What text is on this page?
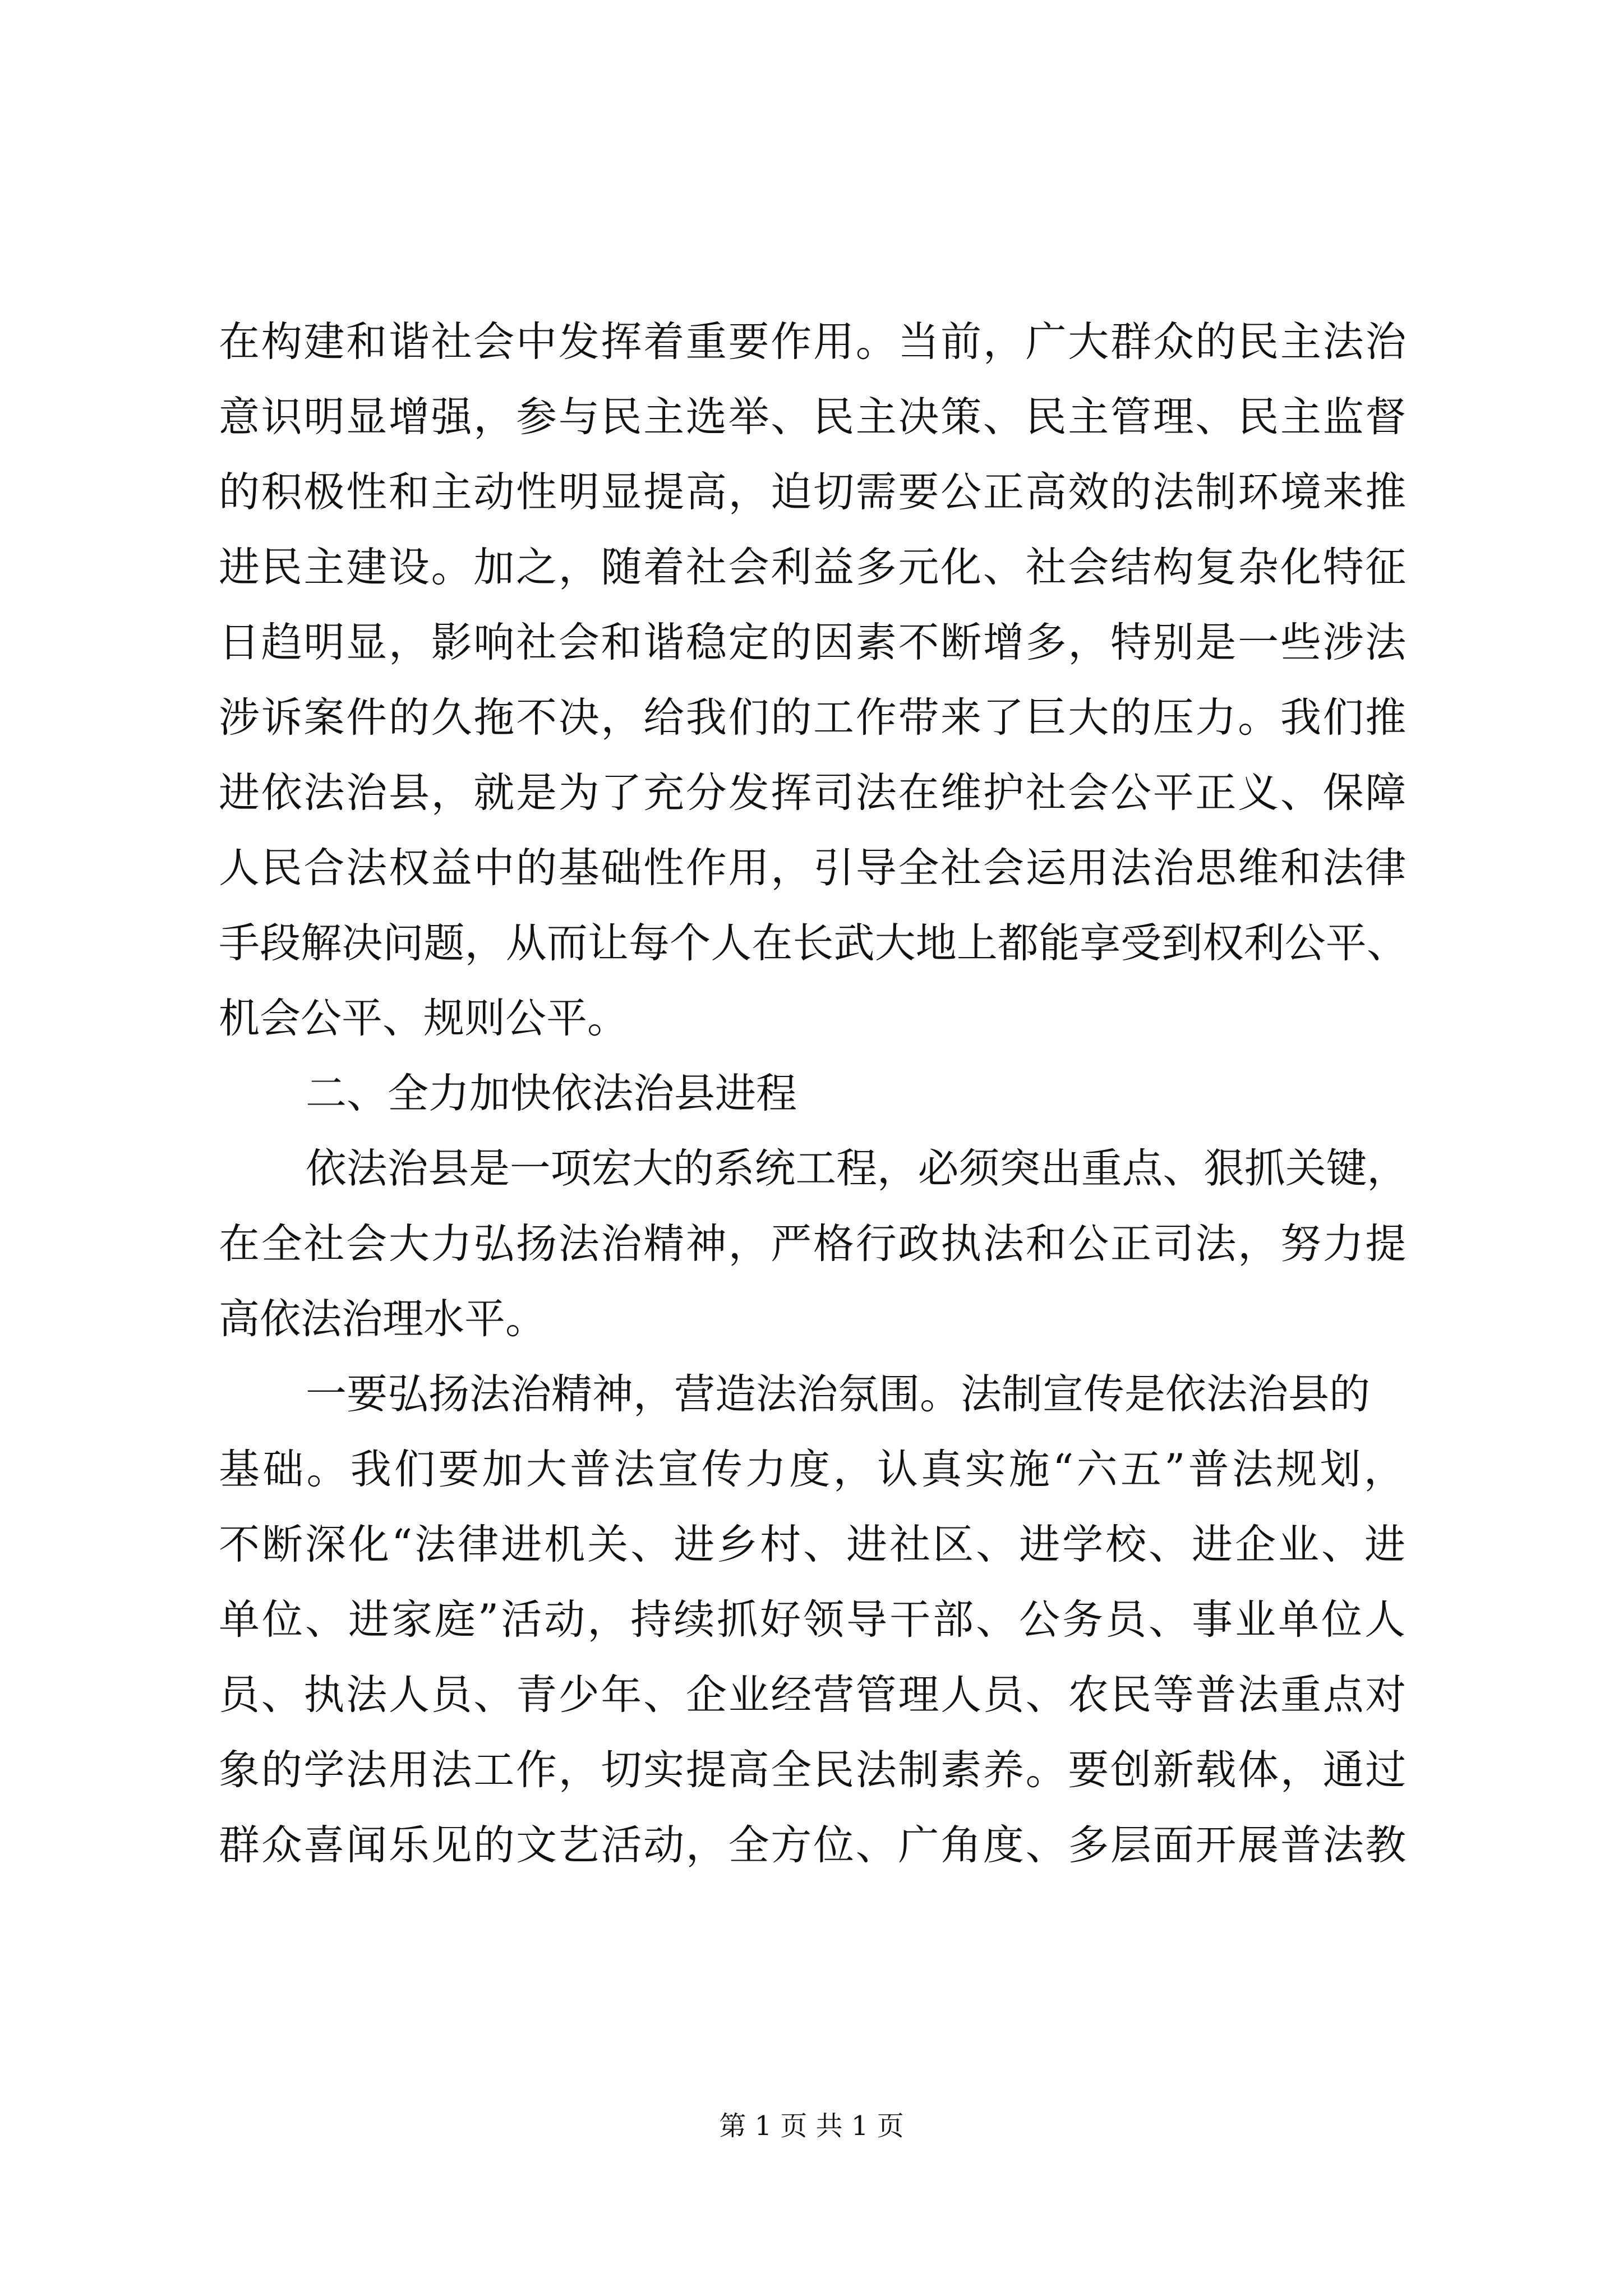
在构建和谐社会中发挥着重要作用。当前，广大群众的民主法治
意识明显增强，参与民主选举、民主决策、民主管理、民主监督
的积极性和主动性明显提高，迫切需要公正高效的法制环境来推
进民主建设。加之，随着社会利益多元化、社会结构复杂化特征
日趋明显，影响社会和谐稳定的因素不断增多，特别是一些涉法
涉诉案件的久拖不决，给我们的工作带来了巨大的压力。我们推
进依法治县，就是为了充分发挥司法在维护社会公平正义、保障
人民合法权益中的基础性作用，引导全社会运用法治思维和法律
手段解决问题，从而让每个人在长武大地上都能享受到权利公平、
机会公平、规则公平。
二、全力加快依法治县进程
依法治县是一项宏大的系统工程，必须突出重点、狠抓关键，
在全社会大力弘扬法治精神，严格行政执法和公正司法，努力提
高依法治理水平。
一要弘扬法治精神，营造法治氛围。法制宣传是依法治县的
基础。我们要加大普法宣传力度，认真实施“六五”普法规划，
不断深化“法律进机关、进乡村、进社区、进学校、进企业、进
单位、进家庭”活动，持续抓好领导干部、公务员、事业单位人
员、执法人员、青少年、企业经营管理人员、农民等普法重点对
象的学法用法工作，切实提高全民法制素养。要创新载体，通过
群众喜闻乐见的文艺活动，全方位、广角度、多层面开展普法教
第 1 页 共 1 页
